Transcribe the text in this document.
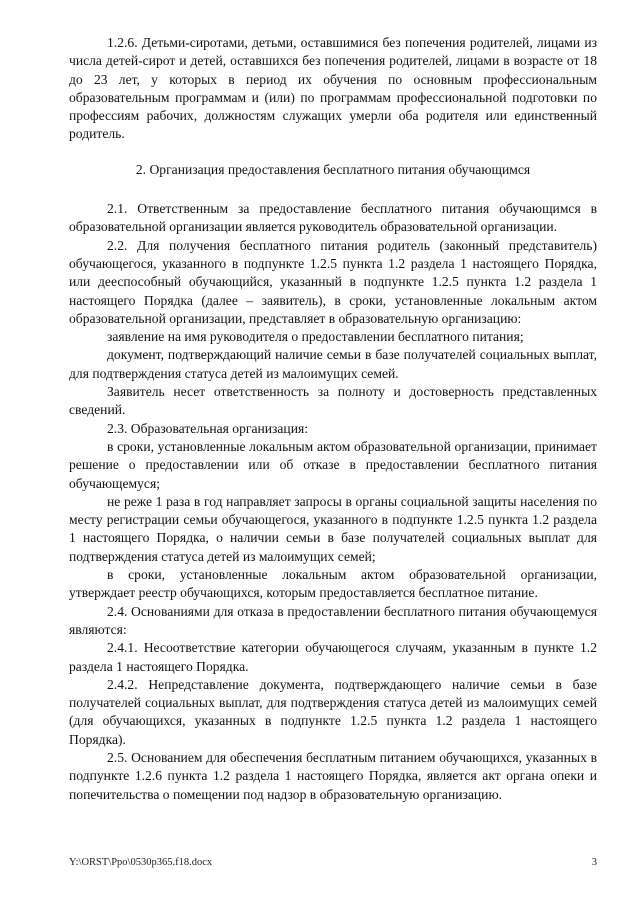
1.2.6. Детьми-сиротами, детьми, оставшимися без попечения родителей, лицами из числа детей-сирот и детей, оставшихся без попечения родителей, лицами в возрасте от 18 до 23 лет, у которых в период их обучения по основным профессиональным образовательным программам и (или) по программам профессиональной подготовки по профессиям рабочих, должностям служащих умерли оба родителя или единственный родитель.

2. Организация предоставления бесплатного питания обучающимся

2.1. Ответственным за предоставление бесплатного питания обучающимся в образовательной организации является руководитель образовательной организации.

2.2. Для получения бесплатного питания родитель (законный представитель) обучающегося, указанного в подпункте 1.2.5 пункта 1.2 раздела 1 настоящего Порядка, или дееспособный обучающийся, указанный в подпункте 1.2.5 пункта 1.2 раздела 1 настоящего Порядка (далее – заявитель), в сроки, установленные локальным актом образовательной организации, представляет в образовательную организацию:

заявление на имя руководителя о предоставлении бесплатного питания;

документ, подтверждающий наличие семьи в базе получателей социальных выплат, для подтверждения статуса детей из малоимущих семей.

Заявитель несет ответственность за полноту и достоверность представленных сведений.

2.3. Образовательная организация:

в сроки, установленные локальным актом образовательной организации, принимает решение о предоставлении или об отказе в предоставлении бесплатного питания обучающемуся;

не реже 1 раза в год направляет запросы в органы социальной защиты населения по месту регистрации семьи обучающегося, указанного в подпункте 1.2.5 пункта 1.2 раздела 1 настоящего Порядка, о наличии семьи в базе получателей социальных выплат для подтверждения статуса детей из малоимущих семей;

в сроки, установленные локальным актом образовательной организации, утверждает реестр обучающихся, которым предоставляется бесплатное питание.

2.4. Основаниями для отказа в предоставлении бесплатного питания обучающемуся являются:

2.4.1. Несоответствие категории обучающегося случаям, указанным в пункте 1.2 раздела 1 настоящего Порядка.

2.4.2. Непредставление документа, подтверждающего наличие семьи в базе получателей социальных выплат, для подтверждения статуса детей из малоимущих семей (для обучающихся, указанных в подпункте 1.2.5 пункта 1.2 раздела 1 настоящего Порядка).

2.5. Основанием для обеспечения бесплатным питанием обучающихся, указанных в подпункте 1.2.6 пункта 1.2 раздела 1 настоящего Порядка, является акт органа опеки и попечительства о помещении под надзор в образовательную организацию.

Y:\ORST\Ppo\0530p365.f18.docx	3
